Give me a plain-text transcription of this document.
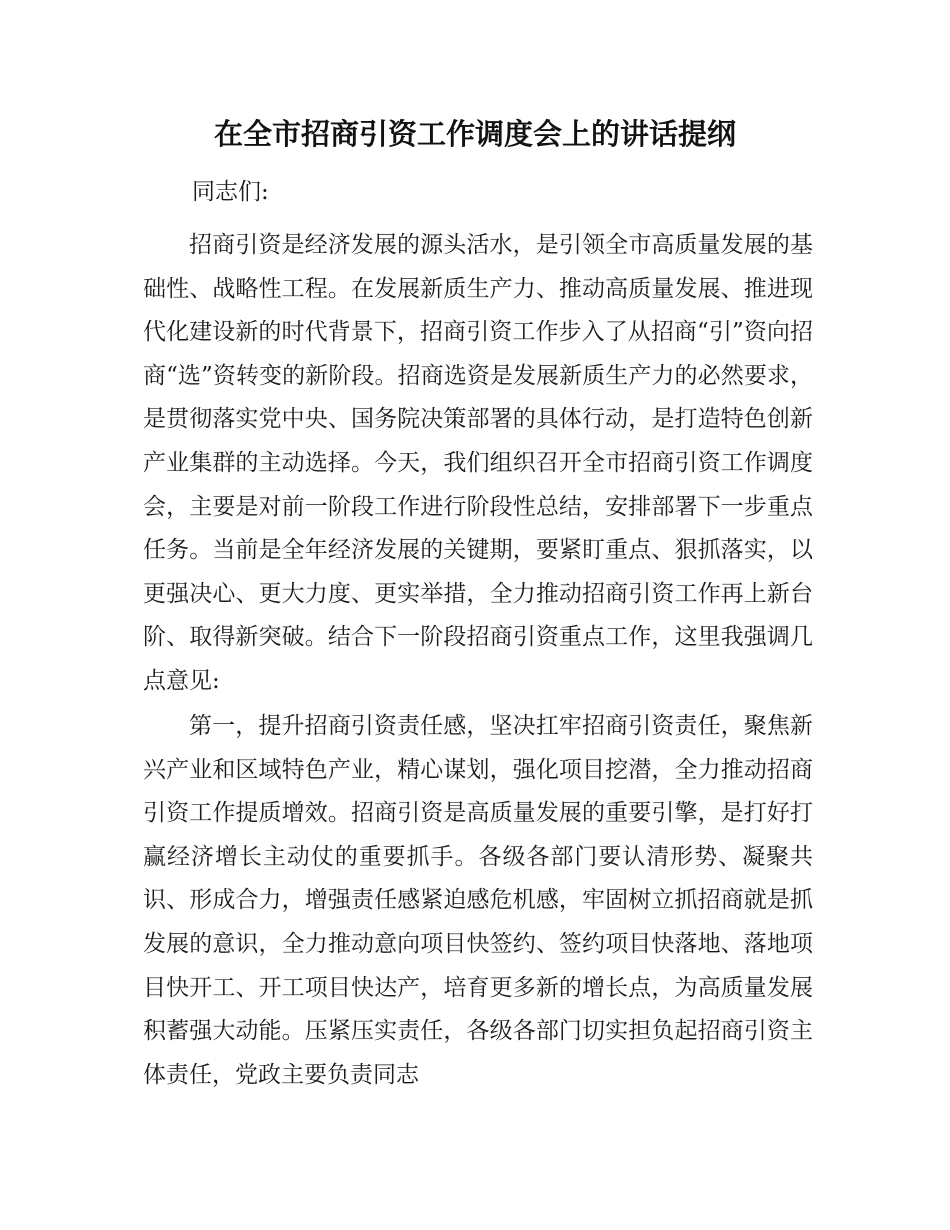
在全市招商引资工作调度会上的讲话提纲

同志们:

招商引资是经济发展的源头活水，是引领全市高质量发展的基础性、战略性工程。在发展新质生产力、推动高质量发展、推进现代化建设新的时代背景下，招商引资工作步入了从招商“引”资向招商“选”资转变的新阶段。招商选资是发展新质生产力的必然要求，是贯彻落实党中央、国务院决策部署的具体行动，是打造特色创新产业集群的主动选择。今天，我们组织召开全市招商引资工作调度会，主要是对前一阶段工作进行阶段性总结，安排部署下一步重点任务。当前是全年经济发展的关键期，要紧盯重点、狠抓落实，以更强决心、更大力度、更实举措，全力推动招商引资工作再上新台阶、取得新突破。结合下一阶段招商引资重点工作，这里我强调几点意见:

第一，提升招商引资责任感，坚决扛牢招商引资责任，聚焦新兴产业和区域特色产业，精心谋划，强化项目挖潜，全力推动招商引资工作提质增效。招商引资是高质量发展的重要引擎，是打好打赢经济增长主动仗的重要抓手。各级各部门要认清形势、凝聚共识、形成合力，增强责任感紧迫感危机感，牢固树立抓招商就是抓发展的意识，全力推动意向项目快签约、签约项目快落地、落地项目快开工、开工项目快达产，培育更多新的增长点，为高质量发展积蓄强大动能。压紧压实责任，各级各部门切实担负起招商引资主体责任，党政主要负责同志
